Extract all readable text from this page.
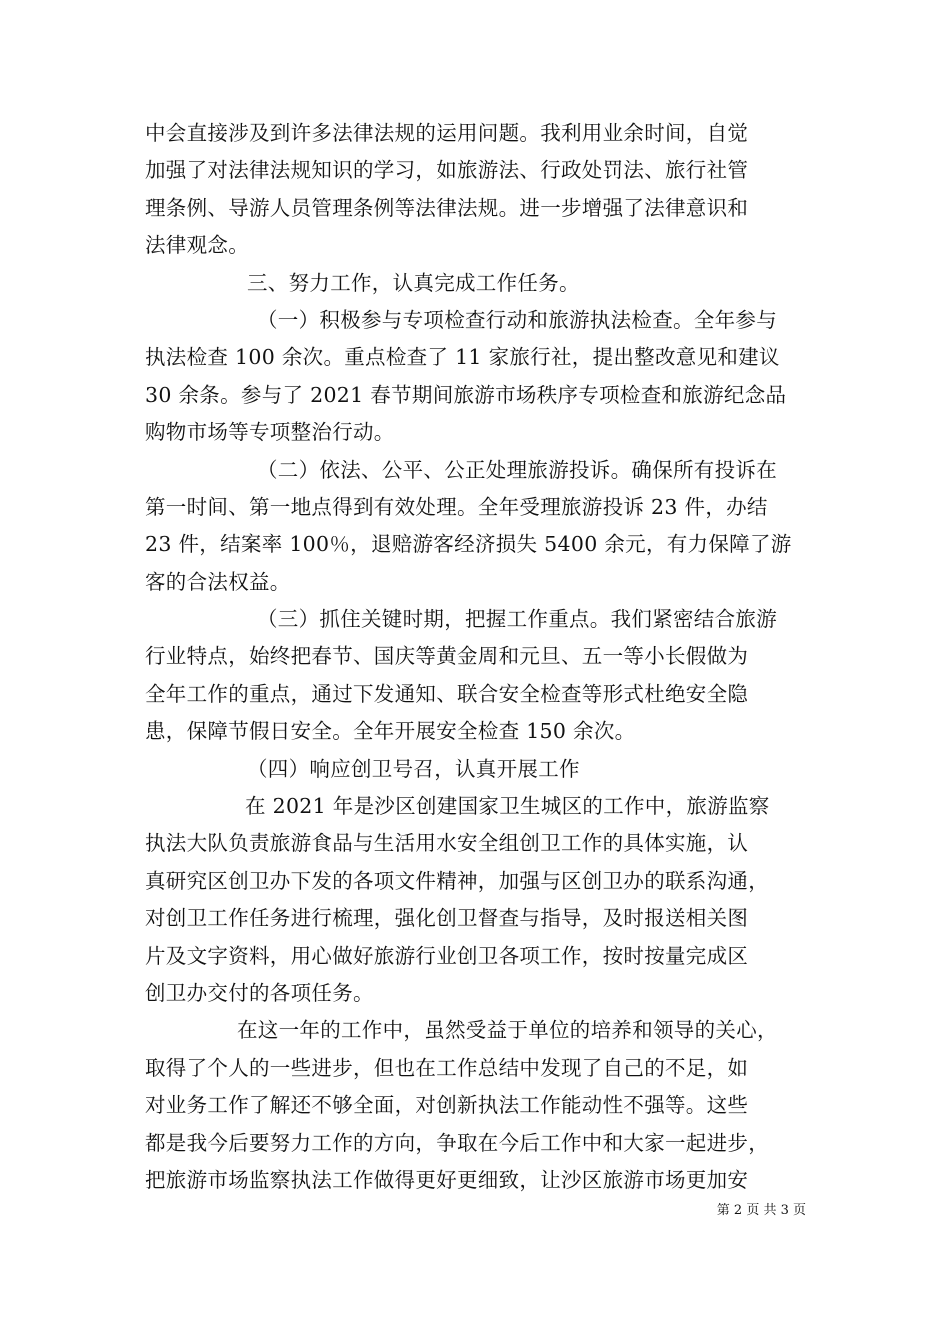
中会直接涉及到许多法律法规的运用问题。我利用业余时间，自觉
加强了对法律法规知识的学习，如旅游法、行政处罚法、旅行社管
理条例、导游人员管理条例等法律法规。进一步增强了法律意识和
法律观念。
三、努力工作，认真完成工作任务。
（一）积极参与专项检查行动和旅游执法检查。全年参与
执法检查 100 余次。重点检查了 11 家旅行社，提出整改意见和建议
30 余条。参与了 2021 春节期间旅游市场秩序专项检查和旅游纪念品
购物市场等专项整治行动。
（二）依法、公平、公正处理旅游投诉。确保所有投诉在
第一时间、第一地点得到有效处理。全年受理旅游投诉 23 件，办结
23 件，结案率 100％，退赔游客经济损失 5400 余元，有力保障了游
客的合法权益。
（三）抓住关键时期，把握工作重点。我们紧密结合旅游
行业特点，始终把春节、国庆等黄金周和元旦、五一等小长假做为
全年工作的重点，通过下发通知、联合安全检查等形式杜绝安全隐
患，保障节假日安全。全年开展安全检查 150 余次。
（四）响应创卫号召，认真开展工作
在 2021 年是沙区创建国家卫生城区的工作中，旅游监察
执法大队负责旅游食品与生活用水安全组创卫工作的具体实施，认
真研究区创卫办下发的各项文件精神，加强与区创卫办的联系沟通，
对创卫工作任务进行梳理，强化创卫督查与指导，及时报送相关图
片及文字资料，用心做好旅游行业创卫各项工作，按时按量完成区
创卫办交付的各项任务。
在这一年的工作中，虽然受益于单位的培养和领导的关心，
取得了个人的一些进步，但也在工作总结中发现了自己的不足，如
对业务工作了解还不够全面，对创新执法工作能动性不强等。这些
都是我今后要努力工作的方向，争取在今后工作中和大家一起进步，
把旅游市场监察执法工作做得更好更细致，让沙区旅游市场更加安
第 2 页 共 3 页
